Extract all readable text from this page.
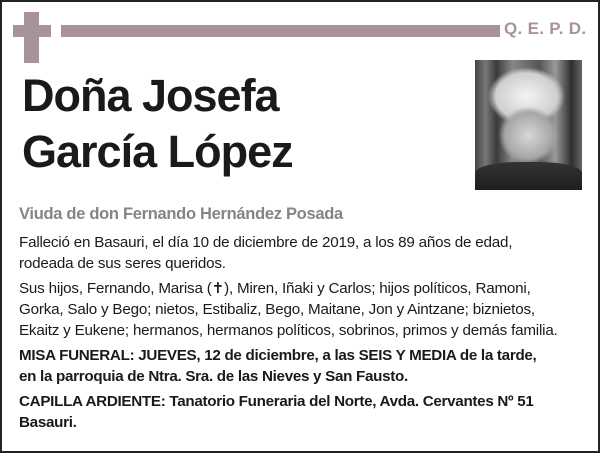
Q. E. P. D.
Doña Josefa
García López
Viuda de don Fernando Hernández Posada
Falleció en Basauri, el día 10 de diciembre de 2019, a los 89 años de edad,
rodeada de sus seres queridos.
Sus hijos, Fernando, Marisa (✝), Miren, Iñaki y Carlos; hijos políticos, Ramoni,
Gorka, Salo y Bego; nietos, Estibaliz, Bego, Maitane, Jon y Aintzane; biznietos,
Ekaitz y Eukene; hermanos, hermanos políticos, sobrinos, primos y demás familia.
MISA FUNERAL: JUEVES, 12 de diciembre, a las SEIS Y MEDIA de la tarde,
en la parroquia de Ntra. Sra. de las Nieves y San Fausto.
CAPILLA ARDIENTE: Tanatorio Funeraria del Norte, Avda. Cervantes Nº 51
Basauri.
